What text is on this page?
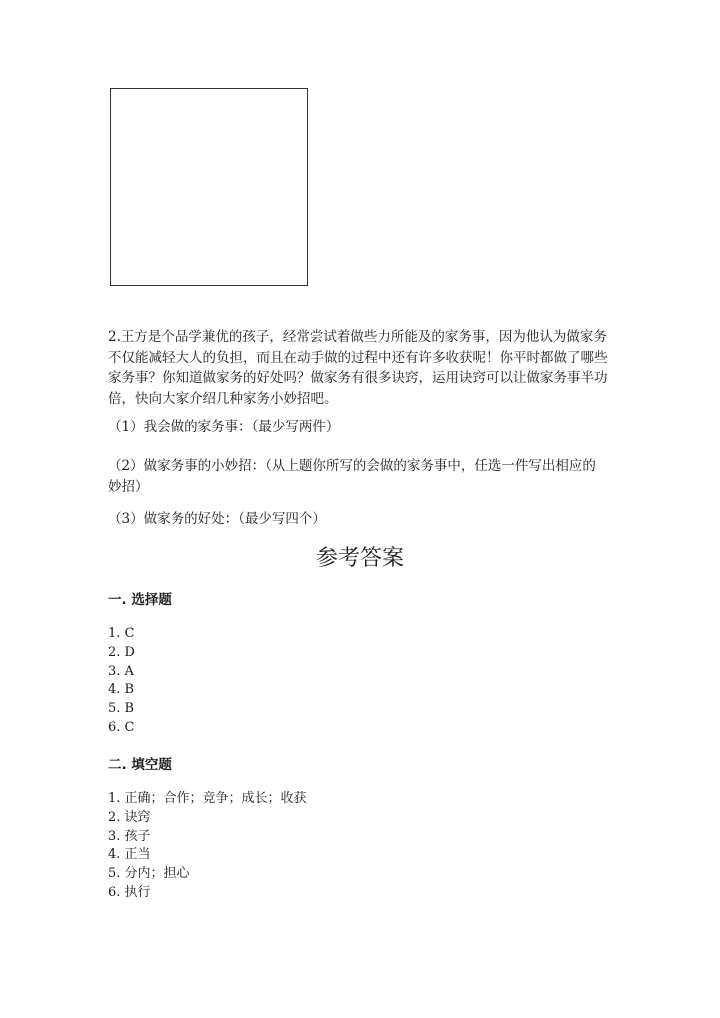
2.王方是个品学兼优的孩子，经常尝试着做些力所能及的家务事，因为他认为做家务不仅能减轻大人的负担，而且在动手做的过程中还有许多收获呢！你平时都做了哪些家务事？你知道做家务的好处吗？做家务有很多诀窍，运用诀窍可以让做家务事半功倍，快向大家介绍几种家务小妙招吧。

（1）我会做的家务事：（最少写两件）

（2）做家务事的小妙招：（从上题你所写的会做的家务事中，任选一件写出相应的妙招）

（3）做家务的好处：（最少写四个）

参考答案
一. 选择题
1. C
2. D
3. A
4. B
5. B
6. C
二. 填空题
1. 正确；合作；竞争；成长；收获
2. 诀窍
3. 孩子
4. 正当
5. 分内；担心
6. 执行
